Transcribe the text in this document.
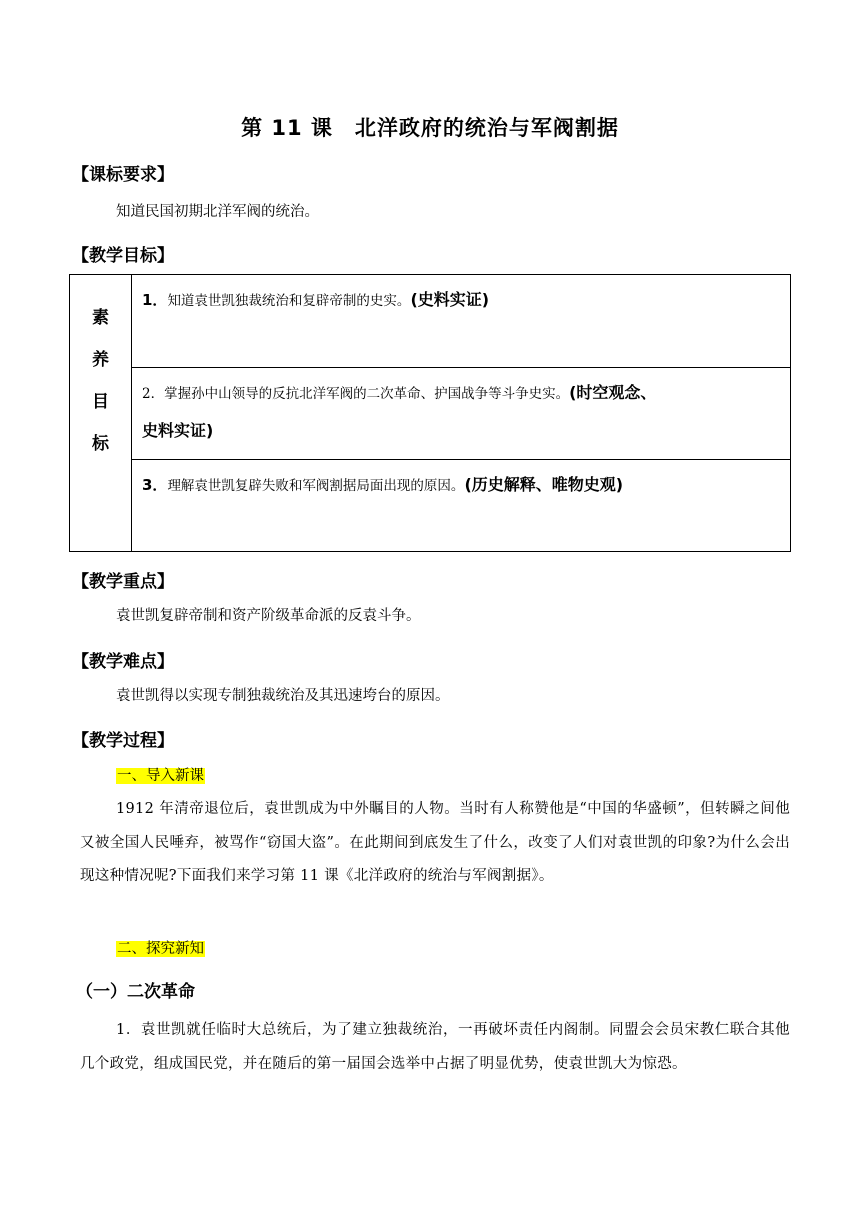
第 11 课　北洋政府的统治与军阀割据
【课标要求】
知道民国初期北洋军阀的统治。
【教学目标】
素
养
目
标
1．知道袁世凯独裁统治和复辟帝制的史实。(史料实证)
2．掌握孙中山领导的反抗北洋军阀的二次革命、护国战争等斗争史实。(时空观念、
史料实证)
3．理解袁世凯复辟失败和军阀割据局面出现的原因。(历史解释、唯物史观)
【教学重点】
袁世凯复辟帝制和资产阶级革命派的反袁斗争。
【教学难点】
袁世凯得以实现专制独裁统治及其迅速垮台的原因。
【教学过程】
一、导入新课
1912 年清帝退位后，袁世凯成为中外瞩目的人物。当时有人称赞他是“中国的华盛顿”，但转瞬之间他又被全国人民唾弃，被骂作“窃国大盗”。在此期间到底发生了什么，改变了人们对袁世凯的印象?为什么会出现这种情况呢?下面我们来学习第 11 课《北洋政府的统治与军阀割据》。
二、探究新知
（一）二次革命
1．袁世凯就任临时大总统后，为了建立独裁统治，一再破坏责任内阁制。同盟会会员宋教仁联合其他几个政党，组成国民党，并在随后的第一届国会选举中占据了明显优势，使袁世凯大为惊恐。
